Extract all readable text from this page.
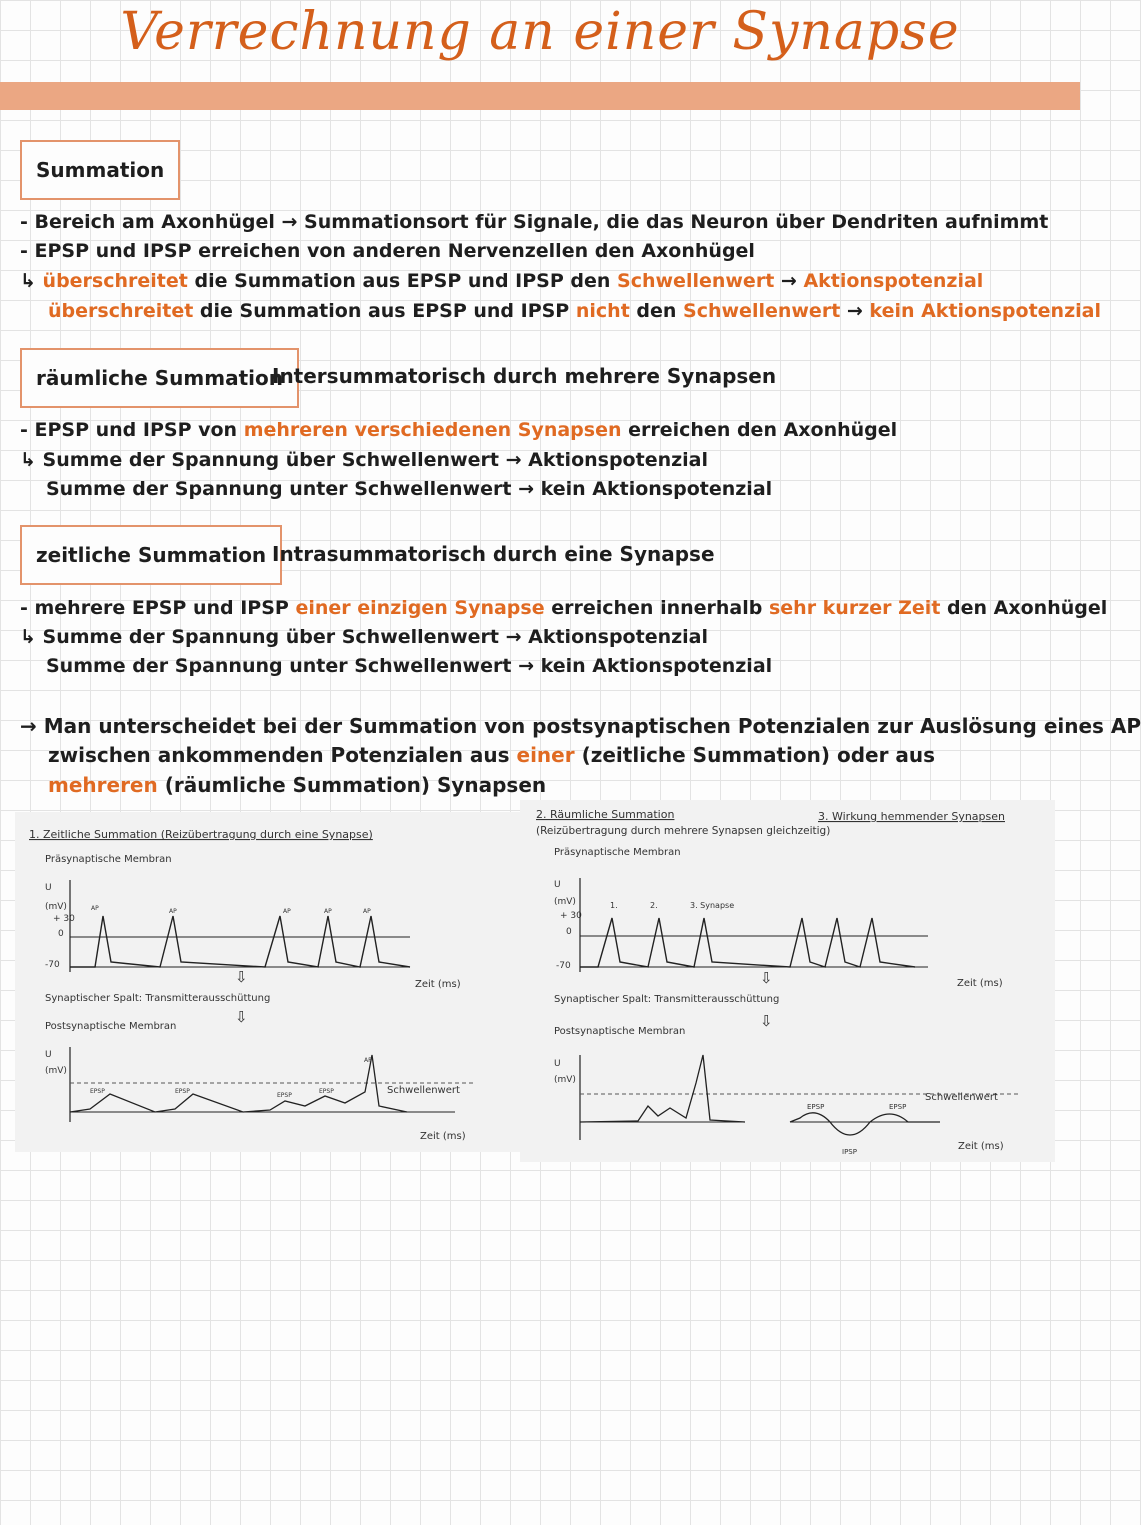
Verrechnung an einer Synapse
Summation
- Bereich am Axonhügel → Summationsort für Signale, die das Neuron über Dendriten aufnimmt
- EPSP und IPSP erreichen von anderen Nervenzellen den Axonhügel
↳ überschreitet die Summation aus EPSP und IPSP den Schwellenwert → Aktionspotenzial
überschreitet die Summation aus EPSP und IPSP nicht den Schwellenwert → kein Aktionspotenzial
räumliche Summation
Intersummatorisch durch mehrere Synapsen
- EPSP und IPSP von mehreren verschiedenen Synapsen erreichen den Axonhügel
↳ Summe der Spannung über Schwellenwert → Aktionspotenzial
Summe der Spannung unter Schwellenwert → kein Aktionspotenzial
zeitliche Summation Intrasummatorisch durch eine Synapse
- mehrere EPSP und IPSP einer einzigen Synapse erreichen innerhalb sehr kurzer Zeit den Axonhügel
↳ Summe der Spannung über Schwellenwert → Aktionspotenzial
Summe der Spannung unter Schwellenwert → kein Aktionspotenzial
→ Man unterscheidet bei der Summation von postsynaptischen Potenzialen zur Auslösung eines AP
zwischen ankommenden Potenzialen aus einer (zeitliche Summation) oder aus
mehreren (räumliche Summation) Synapsen
1. Zeitliche Summation (Reizübertragung durch eine Synapse)
Präsynaptische Membran
U
(mV)
+ 30
0
-70
AP	AP	AP	AP	AP
Zeit (ms)
⇩
Synaptischer Spalt: Transmitterausschüttung
⇩
Postsynaptische Membran
U
(mV)
EPSP	EPSP
EPSP
EPSP
AP
Schwellenwert
Zeit (ms)
2. Räumliche Summation
(Reizübertragung durch mehrere Synapsen gleichzeitig)
3. Wirkung hemmender Synapsen
Präsynaptische Membran
U
(mV)
+ 30
0
-70
1.	2.	3. Synapse
Zeit (ms)
⇩
Synaptischer Spalt: Transmitterausschüttung
⇩
Postsynaptische Membran
U
(mV)
EPSP	EPSP
IPSP
Schwellenwert
Zeit (ms)
